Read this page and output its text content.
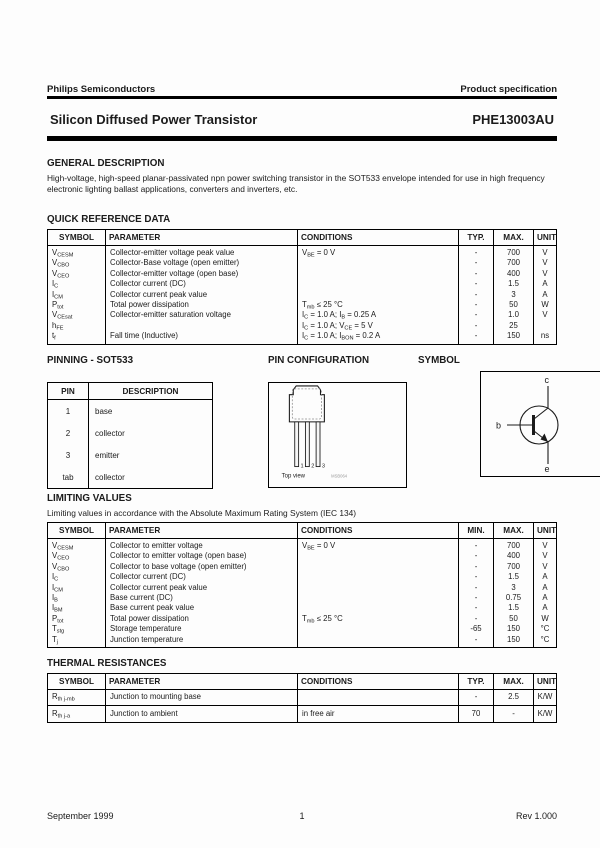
Philips Semiconductors	Product specification
Silicon Diffused Power Transistor	PHE13003AU
GENERAL DESCRIPTION

High-voltage, high-speed planar-passivated npn power switching transistor in the SOT533 envelope intended for use in high frequency electronic lighting ballast applications, converters and inverters, etc.

QUICK REFERENCE DATA
SYMBOL	PARAMETER	CONDITIONS	TYP.	MAX.	UNIT
$V_{CESM}$	Collector-emitter voltage peak value	$V_{BE} = 0$ V	-	700	V
$V_{CBO}$	Collector-Base voltage (open emitter)		-	700	V
$V_{CEO}$	Collector-emitter voltage (open base)		-	400	V
$I_C$	Collector current (DC)		-	1.5	A
$I_{CM}$	Collector current peak value		-	3	A
$P_{tot}$	Total power dissipation	$T_{mb} \le 25$ °C	-	50	W
$V_{CEsat}$	Collector-emitter saturation voltage	$I_C = 1.0$ A; $I_B = 0.25$ A	-	1.0	V
$h_{FE}$		$I_C = 1.0$ A; $V_{CE} = 5$ V	-	25	
$t_f$	Fall time (Inductive)	$I_C = 1.0$ A; $I_{BON} = 0.2$ A	-	150	ns
PINNING - SOT533
PIN	DESCRIPTION
1	base
2	collector
3	emitter
tab	collector
PIN CONFIGURATION
1 2 3
Top view	MSB064
SYMBOL
c
b
e
LIMITING VALUES
Limiting values in accordance with the Absolute Maximum Rating System (IEC 134)
SYMBOL	PARAMETER	CONDITIONS	MIN.	MAX.	UNIT
$V_{CESM}$	Collector to emitter voltage	$V_{BE} = 0$ V	-	700	V
$V_{CEO}$	Collector to emitter voltage (open base)		-	400	V
$V_{CBO}$	Collector to base voltage (open emitter)		-	700	V
$I_C$	Collector current (DC)		-	1.5	A
$I_{CM}$	Collector current peak value		-	3	A
$I_B$	Base current (DC)		-	0.75	A
$I_{BM}$	Base current peak value		-	1.5	A
$P_{tot}$	Total power dissipation	$T_{mb} \le 25$ °C	-	50	W
$T_{stg}$	Storage temperature		-65	150	°C
$T_j$	Junction temperature		-	150	°C
THERMAL RESISTANCES
SYMBOL	PARAMETER	CONDITIONS	TYP.	MAX.	UNIT
$R_{th j-mb}$	Junction to mounting base		-	2.5	K/W
$R_{th j-a}$	Junction to ambient	in free air	70	-	K/W
September 1999	1	Rev 1.000
